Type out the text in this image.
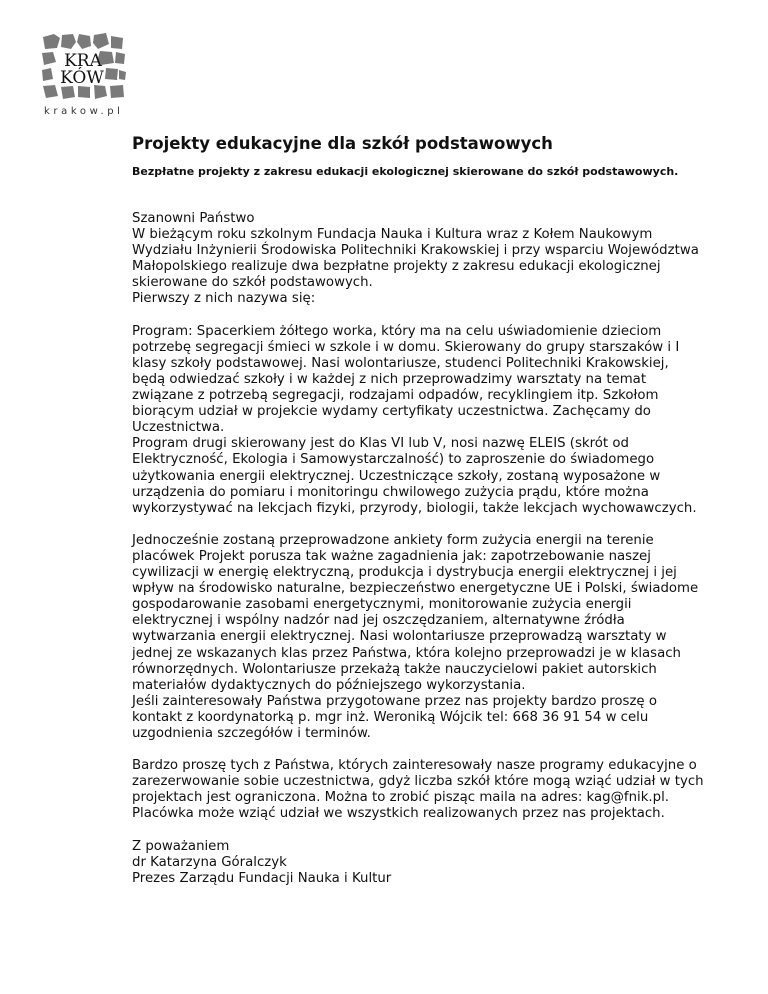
KRA
KÓW
krakow.pl
Projekty edukacyjne dla szkół podstawowych

Bezpłatne projekty z zakresu edukacji ekologicznej skierowane do szkół podstawowych.

Szanowni Państwo
W bieżącym roku szkolnym Fundacja Nauka i Kultura wraz z Kołem Naukowym
Wydziału Inżynierii Środowiska Politechniki Krakowskiej i przy wsparciu Województwa
Małopolskiego realizuje dwa bezpłatne projekty z zakresu edukacji ekologicznej
skierowane do szkół podstawowych.
Pierwszy z nich nazywa się:
Program: Spacerkiem żółtego worka, który ma na celu uświadomienie dzieciom
potrzebę segregacji śmieci w szkole i w domu. Skierowany do grupy starszaków i I
klasy szkoły podstawowej. Nasi wolontariusze, studenci Politechniki Krakowskiej,
będą odwiedzać szkoły i w każdej z nich przeprowadzimy warsztaty na temat
związane z potrzebą segregacji, rodzajami odpadów, recyklingiem itp. Szkołom
biorącym udział w projekcie wydamy certyfikaty uczestnictwa. Zachęcamy do
Uczestnictwa.
Program drugi skierowany jest do Klas VI lub V, nosi nazwę ELEIS (skrót od
Elektryczność, Ekologia i Samowystarczalność) to zaproszenie do świadomego
użytkowania energii elektrycznej. Uczestniczące szkoły, zostaną wyposażone w
urządzenia do pomiaru i monitoringu chwilowego zużycia prądu, które można
wykorzystywać na lekcjach fizyki, przyrody, biologii, także lekcjach wychowawczych.
Jednocześnie zostaną przeprowadzone ankiety form zużycia energii na terenie
placówek Projekt porusza tak ważne zagadnienia jak: zapotrzebowanie naszej
cywilizacji w energię elektryczną, produkcja i dystrybucja energii elektrycznej i jej
wpływ na środowisko naturalne, bezpieczeństwo energetyczne UE i Polski, świadome
gospodarowanie zasobami energetycznymi, monitorowanie zużycia energii
elektrycznej i wspólny nadzór nad jej oszczędzaniem, alternatywne źródła
wytwarzania energii elektrycznej. Nasi wolontariusze przeprowadzą warsztaty w
jednej ze wskazanych klas przez Państwa, która kolejno przeprowadzi je w klasach
równorzędnych. Wolontariusze przekażą także nauczycielowi pakiet autorskich
materiałów dydaktycznych do późniejszego wykorzystania.
Jeśli zainteresowały Państwa przygotowane przez nas projekty bardzo proszę o
kontakt z koordynatorką p. mgr inż. Weroniką Wójcik tel: 668 36 91 54 w celu
uzgodnienia szczegółów i terminów.
Bardzo proszę tych z Państwa, których zainteresowały nasze programy edukacyjne o
zarezerwowanie sobie uczestnictwa, gdyż liczba szkół które mogą wziąć udział w tych
projektach jest ograniczona. Można to zrobić pisząc maila na adres: kag@fnik.pl.
Placówka może wziąć udział we wszystkich realizowanych przez nas projektach.
Z poważaniem
dr Katarzyna Góralczyk
Prezes Zarządu Fundacji Nauka i Kultur
